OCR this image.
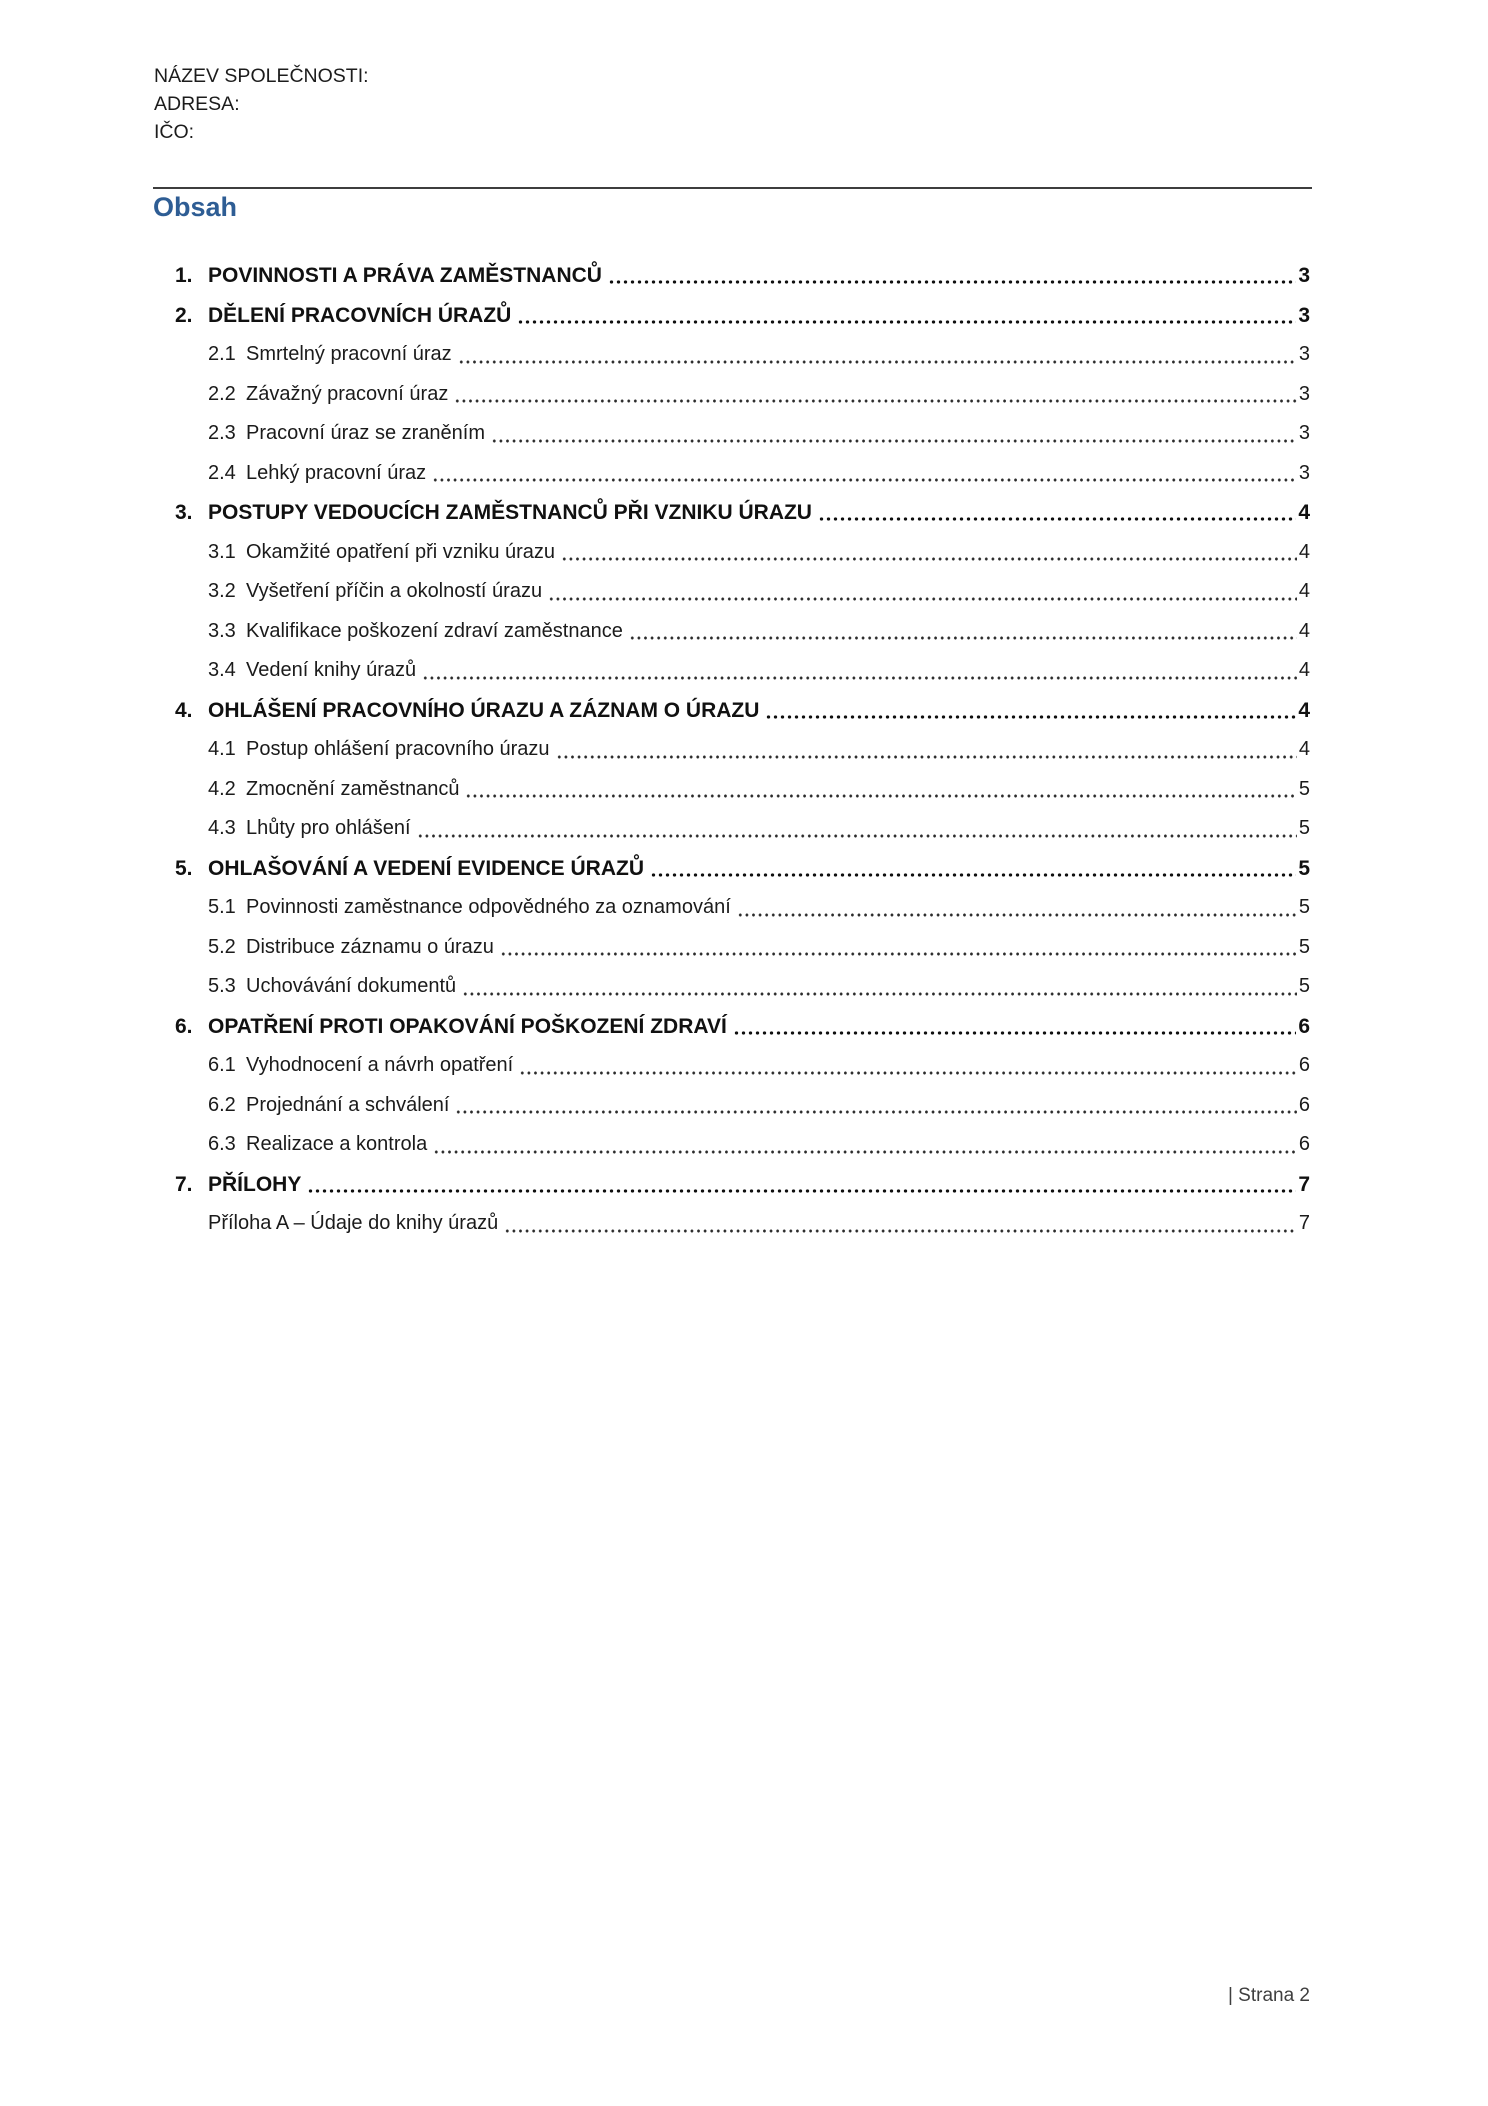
NÁZEV SPOLEČNOSTI:
ADRESA:
IČO:
Obsah
1. POVINNOSTI A PRÁVA ZAMĚSTNANCŮ	3
2. DĚLENÍ PRACOVNÍCH ÚRAZŮ	3
2.1 Smrtelný pracovní úraz	3
2.2 Závažný pracovní úraz	3
2.3 Pracovní úraz se zraněním	3
2.4 Lehký pracovní úraz	3
3. POSTUPY VEDOUCÍCH ZAMĚSTNANCŮ PŘI VZNIKU ÚRAZU	4
3.1 Okamžité opatření při vzniku úrazu	4
3.2 Vyšetření příčin a okolností úrazu	4
3.3 Kvalifikace poškození zdraví zaměstnance	4
3.4 Vedení knihy úrazů	4
4. OHLÁŠENÍ PRACOVNÍHO ÚRAZU A ZÁZNAM O ÚRAZU	4
4.1 Postup ohlášení pracovního úrazu	4
4.2 Zmocnění zaměstnanců	5
4.3 Lhůty pro ohlášení	5
5. OHLAŠOVÁNÍ A VEDENÍ EVIDENCE ÚRAZŮ	5
5.1 Povinnosti zaměstnance odpovědného za oznamování	5
5.2 Distribuce záznamu o úrazu	5
5.3 Uchovávání dokumentů	5
6. OPATŘENÍ PROTI OPAKOVÁNÍ POŠKOZENÍ ZDRAVÍ	6
6.1 Vyhodnocení a návrh opatření	6
6.2 Projednání a schválení	6
6.3 Realizace a kontrola	6
7. PŘÍLOHY	7
Příloha A – Údaje do knihy úrazů	7
| Strana 2
